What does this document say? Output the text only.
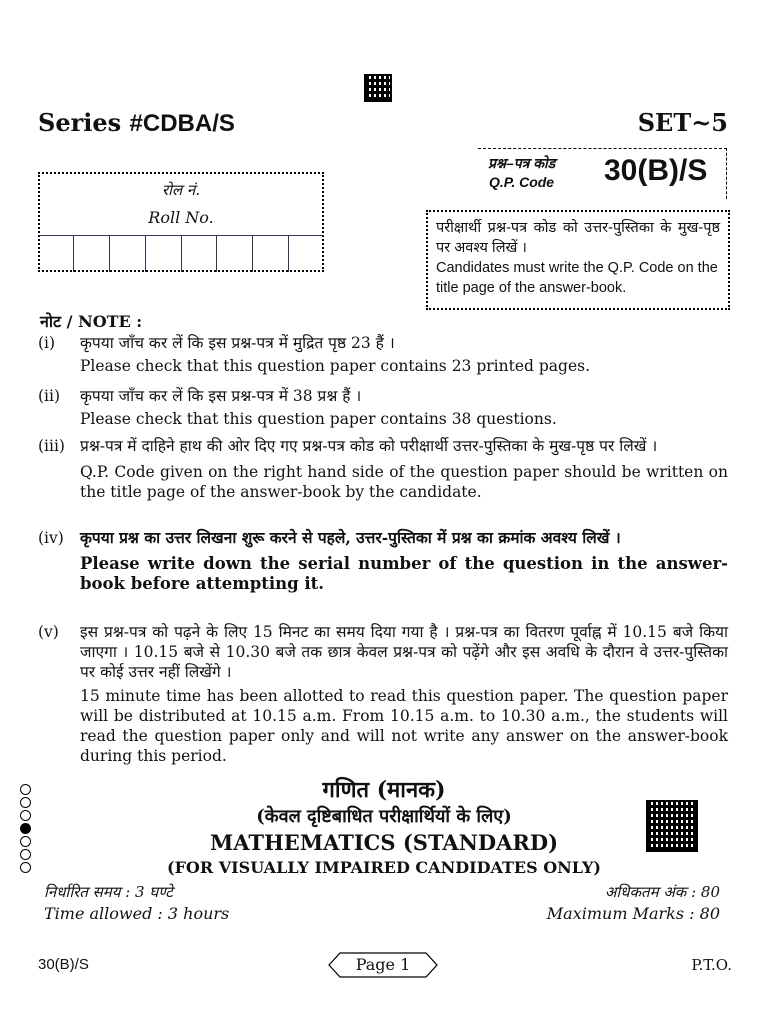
Series #CDBA/S	SET~5
प्रश्न–पत्र कोड
Q.P. Code 30(B)/S
रोल नं.
Roll No.
परीक्षार्थी प्रश्न-पत्र कोड को उत्तर-पुस्तिका के मुख-पृष्ठ पर अवश्य लिखें ।
Candidates must write the Q.P. Code on the title page of the answer-book.
नोट / NOTE :
(i) कृपया जाँच कर लें कि इस प्रश्न-पत्र में मुद्रित पृष्ठ 23 हैं ।

Please check that this question paper contains 23 printed pages.

(ii) कृपया जाँच कर लें कि इस प्रश्न-पत्र में 38 प्रश्न हैं ।

Please check that this question paper contains 38 questions.

(iii) प्रश्न-पत्र में दाहिने हाथ की ओर दिए गए प्रश्न-पत्र कोड को परीक्षार्थी उत्तर-पुस्तिका के मुख-पृष्ठ पर लिखें ।

Q.P. Code given on the right hand side of the question paper should be written on the title page of the answer-book by the candidate.

(iv) कृपया प्रश्न का उत्तर लिखना शुरू करने से पहले, उत्तर-पुस्तिका में प्रश्न का क्रमांक अवश्य लिखें ।

Please write down the serial number of the question in the answer-book before attempting it.

(v) इस प्रश्न-पत्र को पढ़ने के लिए 15 मिनट का समय दिया गया है । प्रश्न-पत्र का वितरण पूर्वाह्न में 10.15 बजे किया जाएगा । 10.15 बजे से 10.30 बजे तक छात्र केवल प्रश्न-पत्र को पढ़ेंगे और इस अवधि के दौरान वे उत्तर-पुस्तिका पर कोई उत्तर नहीं लिखेंगे ।

15 minute time has been allotted to read this question paper. The question paper will be distributed at 10.15 a.m. From 10.15 a.m. to 10.30 a.m., the students will read the question paper only and will not write any answer on the answer-book during this period.

गणित (मानक)
(केवल दृष्टिबाधित परीक्षार्थियों के लिए)
MATHEMATICS (STANDARD)
(FOR VISUALLY IMPAIRED CANDIDATES ONLY)
निर्धारित समय : 3 घण्टे
Time allowed : 3 hours
अधिकतम अंक : 80
Maximum Marks : 80
30(B)/S	Page 1	P.T.O.
